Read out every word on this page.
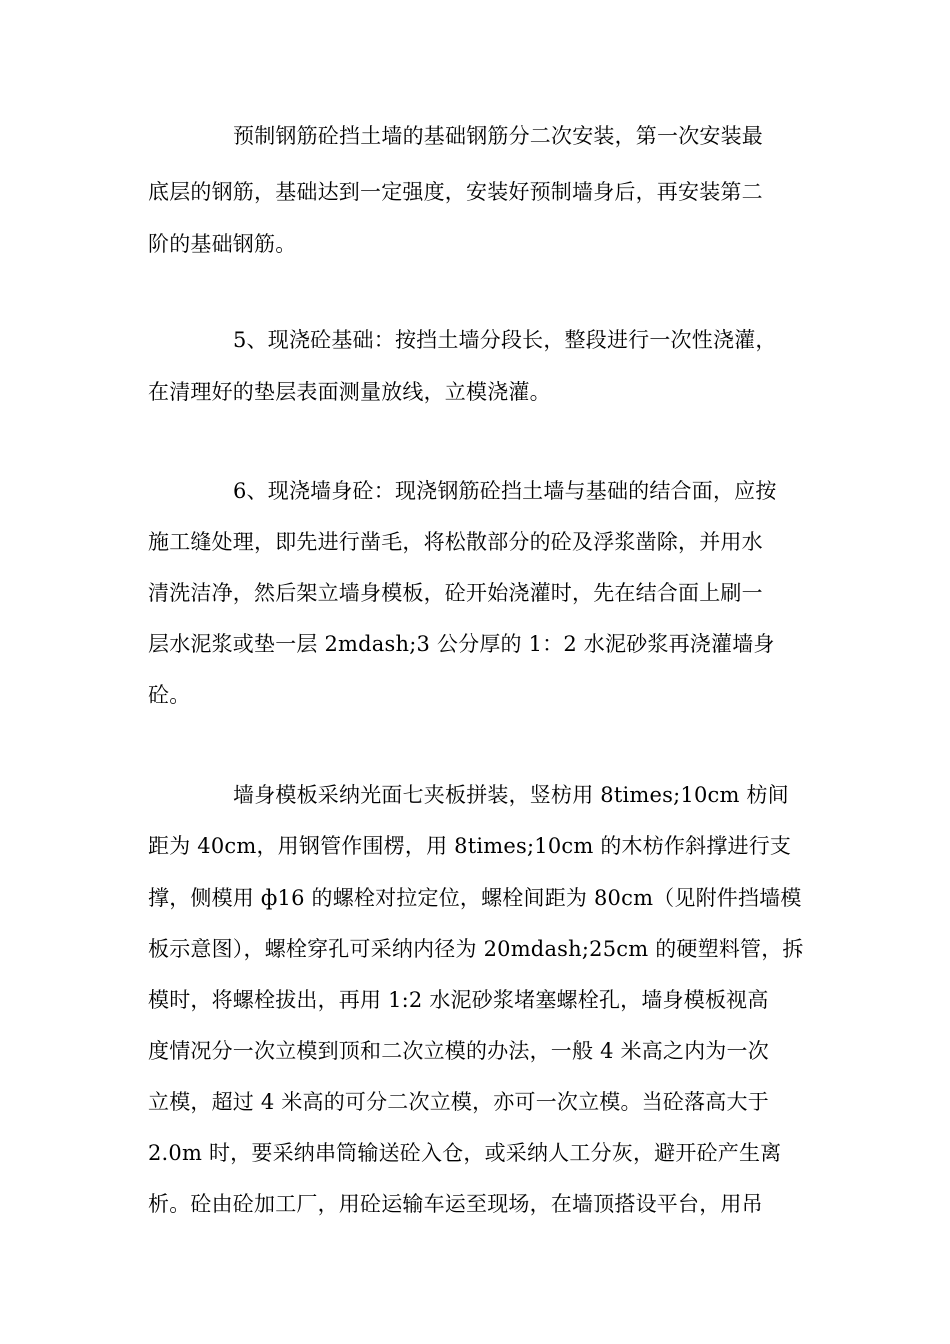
预制钢筋砼挡土墙的基础钢筋分二次安装，第一次安装最
底层的钢筋，基础达到一定强度，安装好预制墙身后，再安装第二
阶的基础钢筋。
5、现浇砼基础：按挡土墙分段长，整段进行一次性浇灌，
在清理好的垫层表面测量放线，立模浇灌。
6、现浇墙身砼：现浇钢筋砼挡土墙与基础的结合面，应按
施工缝处理，即先进行凿毛，将松散部分的砼及浮浆凿除，并用水
清洗洁净，然后架立墙身模板，砼开始浇灌时，先在结合面上刷一
层水泥浆或垫一层 2mdash;3 公分厚的 1：2 水泥砂浆再浇灌墙身
砼。
墙身模板采纳光面七夹板拼装，竖枋用 8times;10cm 枋间
距为 40cm，用钢管作围楞，用 8times;10cm 的木枋作斜撑进行支
撑，侧模用 ф16 的螺栓对拉定位，螺栓间距为 80cm（见附件挡墙模
板示意图），螺栓穿孔可采纳内径为 20mdash;25cm 的硬塑料管，拆
模时，将螺栓拔出，再用 1:2 水泥砂浆堵塞螺栓孔，墙身模板视高
度情况分一次立模到顶和二次立模的办法，一般 4 米高之内为一次
立模，超过 4 米高的可分二次立模，亦可一次立模。当砼落高大于
2.0m 时，要采纳串筒输送砼入仓，或采纳人工分灰，避开砼产生离
析。砼由砼加工厂，用砼运输车运至现场，在墙顶搭设平台，用吊
